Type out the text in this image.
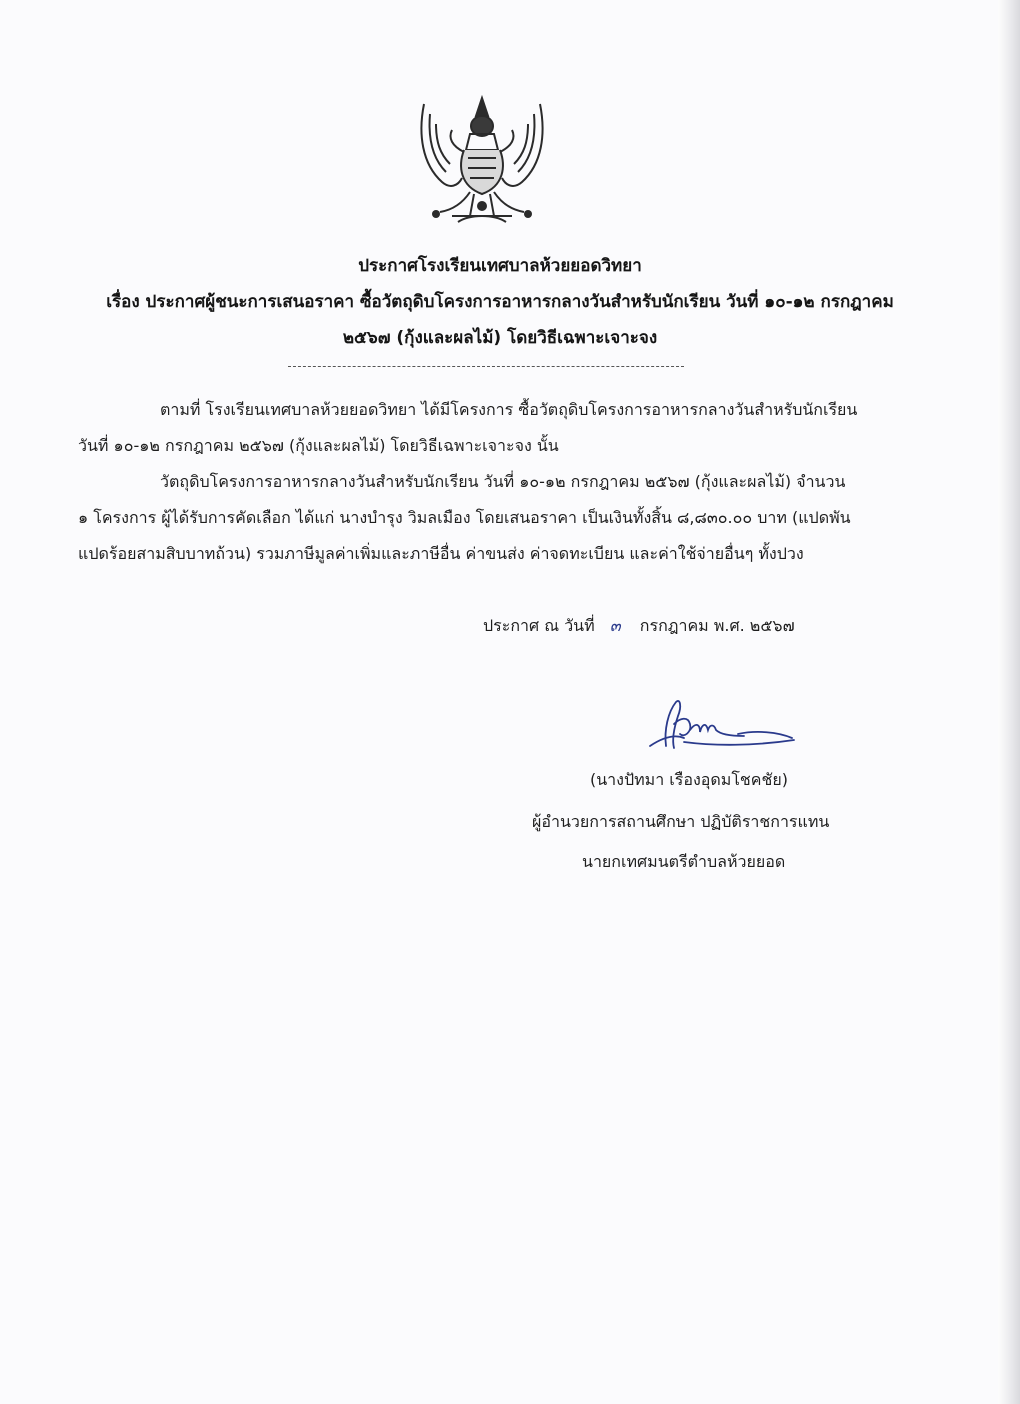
ประกาศโรงเรียนเทศบาลห้วยยอดวิทยา
เรื่อง ประกาศผู้ชนะการเสนอราคา ซื้อวัตถุดิบโครงการอาหารกลางวันสำหรับนักเรียน วันที่ ๑๐-๑๒ กรกฎาคม
๒๕๖๗ (กุ้งและผลไม้) โดยวิธีเฉพาะเจาะจง
ตามที่ โรงเรียนเทศบาลห้วยยอดวิทยา ได้มีโครงการ ซื้อวัตถุดิบโครงการอาหารกลางวันสำหรับนักเรียน
วันที่ ๑๐-๑๒ กรกฎาคม ๒๕๖๗ (กุ้งและผลไม้) โดยวิธีเฉพาะเจาะจง นั้น
วัตถุดิบโครงการอาหารกลางวันสำหรับนักเรียน วันที่ ๑๐-๑๒ กรกฎาคม ๒๕๖๗ (กุ้งและผลไม้) จำนวน
๑ โครงการ ผู้ได้รับการคัดเลือก ได้แก่ นางบำรุง วิมลเมือง โดยเสนอราคา เป็นเงินทั้งสิ้น ๘,๘๓๐.๐๐ บาท (แปดพัน
แปดร้อยสามสิบบาทถ้วน) รวมภาษีมูลค่าเพิ่มและภาษีอื่น ค่าขนส่ง ค่าจดทะเบียน และค่าใช้จ่ายอื่นๆ ทั้งปวง
ประกาศ ณ วันที่ ๓ กรกฎาคม พ.ศ. ๒๕๖๗
(นางปัทมา เรืองอุดมโชคชัย)
ผู้อำนวยการสถานศึกษา ปฏิบัติราชการแทน
นายกเทศมนตรีตำบลห้วยยอด
